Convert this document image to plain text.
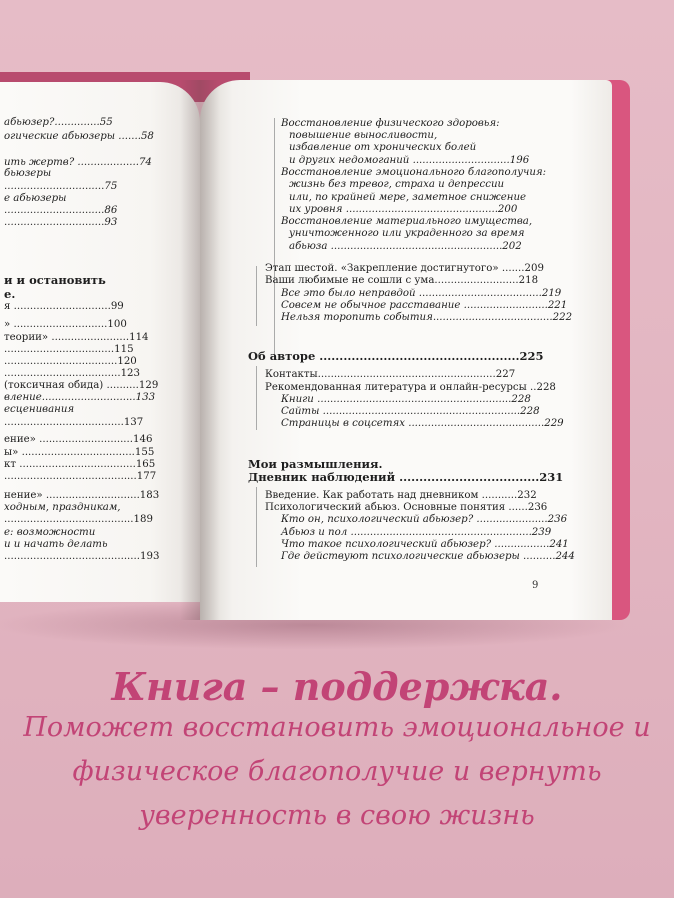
абьюзер?..............55
огические абьюзеры .......58
ить жертв? ...................74
бьюзеры
...............................75
е абьюзеры
...............................86
...............................93
и и остановить
е.
я ..............................99
» .............................100
теории» ........................114
..................................115
...................................120
....................................123
(токсичная обида) ..........129
вление.............................133
есценивания
.....................................137
ение» .............................146
ы» ...................................155
кт ....................................165
.........................................177
нение» .............................183
ходным, праздникам,
........................................189
е: возможности
и и начать делать
..........................................193
Восстановление физического здоровья:
повышение выносливости,
избавление от хронических болей
и других недомоганий ..............................196
Восстановление эмоционального благополучия:
жизнь без тревог, страха и депрессии
или, по крайней мере, заметное снижение
их уровня ...............................................200
Восстановление материального имущества,
уничтоженного или украденного за время
абьюза .....................................................202
Этап шестой. «Закрепление достигнутого» .......209
Ваши любимые не сошли с ума..........................218
Все это было неправдой ......................................219
Совсем не обычное расставание ..........................221
Нельзя торопить события.....................................222
Об авторе ..................................................225
Контакты.......................................................227
Рекомендованная литература и онлайн-ресурсы ..228
Книги ............................................................228
Сайты .............................................................228
Страницы в соцсетях ..........................................229
Мои размышления.
Дневник наблюдений ...................................231
Введение. Как работать над дневником ...........232
Психологический абьюз. Основные понятия ......236
Кто он, психологический абьюзер? ......................236
Абьюз и пол ........................................................239
Что такое психологический абьюзер? .................241
Где действуют психологические абьюзеры ..........244
9
Книга – поддержка.
Поможет восстановить эмоциональное и
физическое благополучие и вернуть
уверенность в свою жизнь
